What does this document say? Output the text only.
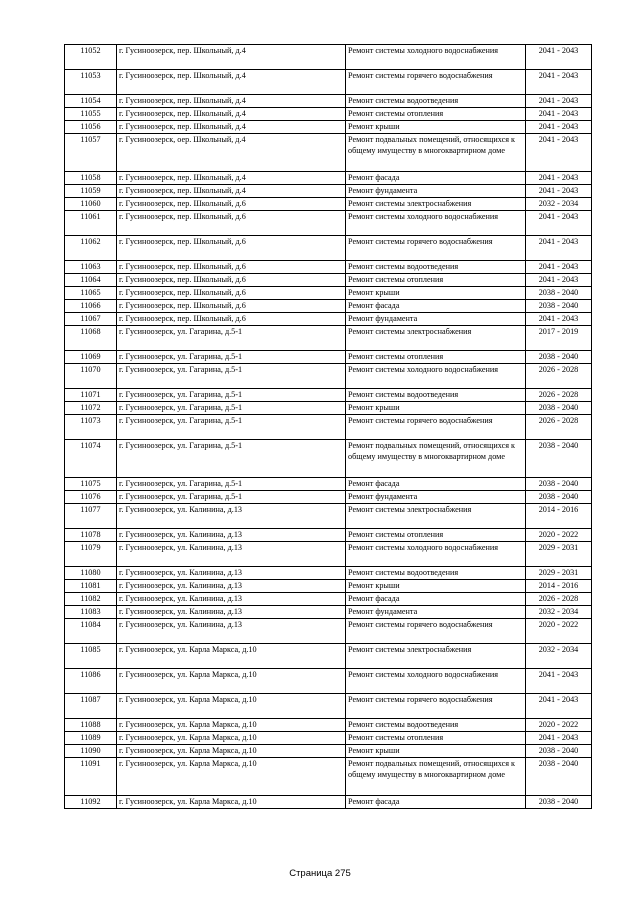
11052	г. Гусиноозерск, пер. Школьный, д.4	Ремонт системы холодного водоснабжения	2041 - 2043
11053	г. Гусиноозерск, пер. Школьный, д.4	Ремонт системы горячего водоснабжения	2041 - 2043
11054	г. Гусиноозерск, пер. Школьный, д.4	Ремонт системы водоотведения	2041 - 2043
11055	г. Гусиноозерск, пер. Школьный, д.4	Ремонт системы отопления	2041 - 2043
11056	г. Гусиноозерск, пер. Школьный, д.4	Ремонт крыши	2041 - 2043
11057	г. Гусиноозерск, оер. Школьный, д.4	Ремонт подвальных помещений, относящихся к общему имуществу в многоквартирном доме	2041 - 2043
11058	г. Гусиноозерск, пер. Школьный, д.4	Ремонт фасада	2041 - 2043
11059	г. Гусиноозерск, пер. Школьный, д.4	Ремонт фундамента	2041 - 2043
11060	г. Гусиноозерск, пер. Школьный, д.6	Ремонт системы электроснабжения	2032 - 2034
11061	г. Гусиноозерск, пер. Школьный, д.6	Ремонт системы холодного водоснабжения	2041 - 2043
11062	г. Гусиноозерск, пер. Школьный, д.6	Ремонт системы горячего водоснабжения	2041 - 2043
11063	г. Гусиноозерск, пер. Школьный, д.6	Ремонт системы водоотведения	2041 - 2043
11064	г. Гусиноозерск, пер. Школьный, д.6	Ремонт системы отопления	2041 - 2043
11065	г. Гусиноозерск, пер. Школьный, д.6	Ремонт крыши	2038 - 2040
11066	г. Гусиноозерск, пер. Школьный, д.6	Ремонт фасада	2038 - 2040
11067	г. Гусиноозерск, пер. Школьный, д.6	Ремонт фундамента	2041 - 2043
11068	г. Гусиноозерск, ул. Гагарина, д.5-1	Ремонт системы электроснабжения	2017 - 2019
11069	г. Гусиноозерск, ул. Гагарина, д.5-1	Ремонт системы отопления	2038 - 2040
11070	г. Гусиноозерск, ул. Гагарина, д.5-1	Ремонт системы холодного водоснабжения	2026 - 2028
11071	г. Гусиноозерск, ул. Гагарина, д.5-1	Ремонт системы водоотведения	2026 - 2028
11072	г. Гусиноозерск, ул. Гагарина, д.5-1	Ремонт крыши	2038 - 2040
11073	г. Гусиноозерск, ул. Гагарина, д.5-1	Ремонт системы горячего водоснабжения	2026 - 2028
11074	г. Гусиноозерск, ул. Гагарина, д.5-1	Ремонт подвальных помещений, относящихся к общему имуществу в многоквартирном доме	2038 - 2040
11075	г. Гусиноозерск, ул. Гагарина, д.5-1	Ремонт фасада	2038 - 2040
11076	г. Гусиноозерск, ул. Гагарина, д.5-1	Ремонт фундамента	2038 - 2040
11077	г. Гусиноозерск, ул. Калинина, д.13	Ремонт системы электроснабжения	2014 - 2016
11078	г. Гусиноозерск, ул. Калинина, д.13	Ремонт системы отопления	2020 - 2022
11079	г. Гусиноозерск, ул. Калинина, д.13	Ремонт системы холодного водоснабжения	2029 - 2031
11080	г. Гусиноозерск, ул. Калинина, д.13	Ремонт системы водоотведения	2029 - 2031
11081	г. Гусиноозерск, ул. Калинина, д.13	Ремонт крыши	2014 - 2016
11082	г. Гусиноозерск, ул. Калинина, д.13	Ремонт фасада	2026 - 2028
11083	г. Гусиноозерск, ул. Калинина, д.13	Ремонт фундамента	2032 - 2034
11084	г. Гусиноозерск, ул. Калинина, д.13	Ремонт системы горячего водоснабжения	2020 - 2022
11085	г. Гусиноозерск, ул. Карла Маркса, д.10	Ремонт системы электроснабжения	2032 - 2034
11086	г. Гусиноозерск, ул. Карла Маркса, д.10	Ремонт системы холодного водоснабжения	2041 - 2043
11087	г. Гусиноозерск, ул. Карла Маркса, д.10	Ремонт системы горячего водоснабжения	2041 - 2043
11088	г. Гусиноозерск, ул. Карла Маркса, д.10	Ремонт системы водоотведения	2020 - 2022
11089	г. Гусиноозерск, ул. Карла Маркса, д.10	Ремонт системы отопления	2041 - 2043
11090	г. Гусиноозерск, ул. Карла Маркса, д.10	Ремонт крыши	2038 - 2040
11091	г. Гусиноозерск, ул. Карла Маркса, д.10	Ремонт подвальных помещений, относящихся к общему имуществу в многоквартирном доме	2038 - 2040
11092	г. Гусиноозерск, ул. Карла Маркса, д.10	Ремонт фасада	2038 - 2040
Страница 275
